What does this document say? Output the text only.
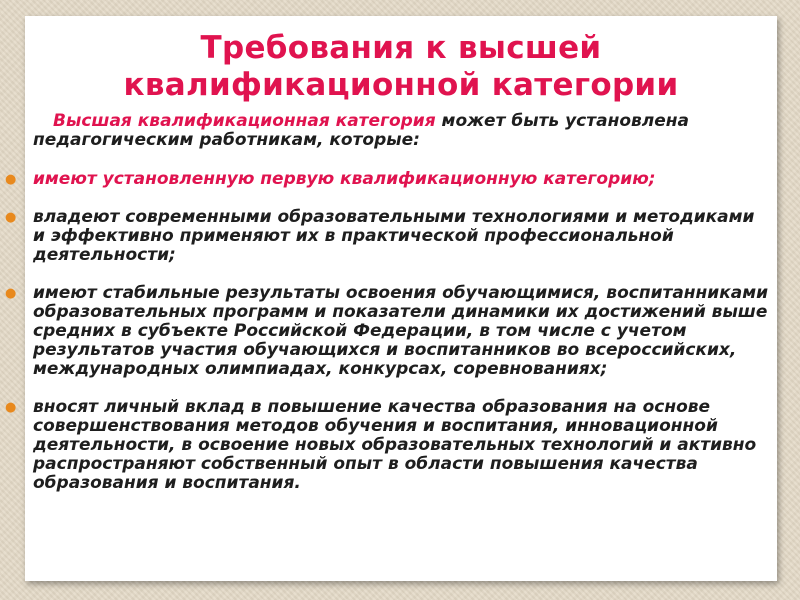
Требования к высшей
квалификационной категории

Высшая квалификационная категория может быть установлена педагогическим работникам, которые:

● имеют установленную первую квалификационную категорию;
● владеют современными образовательными технологиями и методиками и эффективно применяют их в практической профессиональной деятельности;
● имеют стабильные результаты освоения обучающимися, воспитанниками образовательных программ и показатели динамики их достижений выше средних в субъекте Российской Федерации, в том числе с учетом результатов участия обучающихся и воспитанников во всероссийских, международных олимпиадах, конкурсах, соревнованиях;
● вносят личный вклад в повышение качества образования на основе совершенствования методов обучения и воспитания, инновационной деятельности, в освоение новых образовательных технологий и активно распространяют собственный опыт в области повышения качества образования и воспитания.
